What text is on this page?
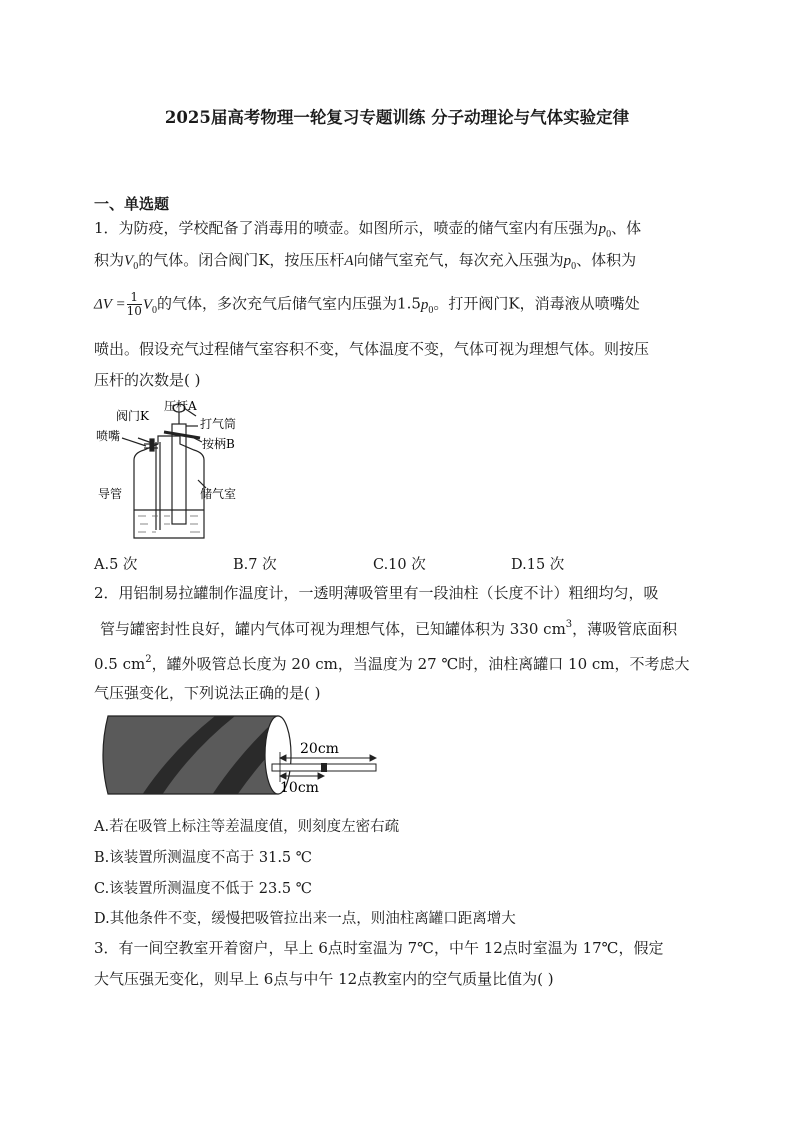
2025届高考物理一轮复习专题训练 分子动理论与气体实验定律
一、单选题
1．为防疫，学校配备了消毒用的喷壶。如图所示，喷壶的储气室内有压强为$p_0$、体
积为$V_0$的气体。闭合阀门K，按压压杆A向储气室充气，每次充入压强为$p_0$、体积为
$\Delta V = \frac{1}{10} V_0$的气体，多次充气后储气室内压强为$1.5p_0$。打开阀门K，消毒液从喷嘴处
喷出。假设充气过程储气室容积不变，气体温度不变，气体可视为理想气体。则按压
压杆的次数是( )
阀门K
压杆A
打气筒
喷嘴
按柄B
导管	储气室
A.5 次	B.7 次	C.10 次	D.15 次
2．用铝制易拉罐制作温度计，一透明薄吸管里有一段油柱（长度不计）粗细均匀，吸
管与罐密封性良好，罐内气体可视为理想气体，已知罐体积为 330 $cm^3$，薄吸管底面积
0.5 $cm^2$，罐外吸管总长度为 20 cm，当温度为 27 ℃时，油柱离罐口 10 cm，不考虑大
气压强变化，下列说法正确的是( )
20cm
10cm
A.若在吸管上标注等差温度值，则刻度左密右疏
B.该装置所测温度不高于 31.5 ℃
C.该装置所测温度不低于 23.5 ℃
D.其他条件不变，缓慢把吸管拉出来一点，则油柱离罐口距离增大
3．有一间空教室开着窗户，早上 6点时室温为 7℃，中午 12点时室温为 17℃，假定
大气压强无变化，则早上 6点与中午 12点教室内的空气质量比值为( )
